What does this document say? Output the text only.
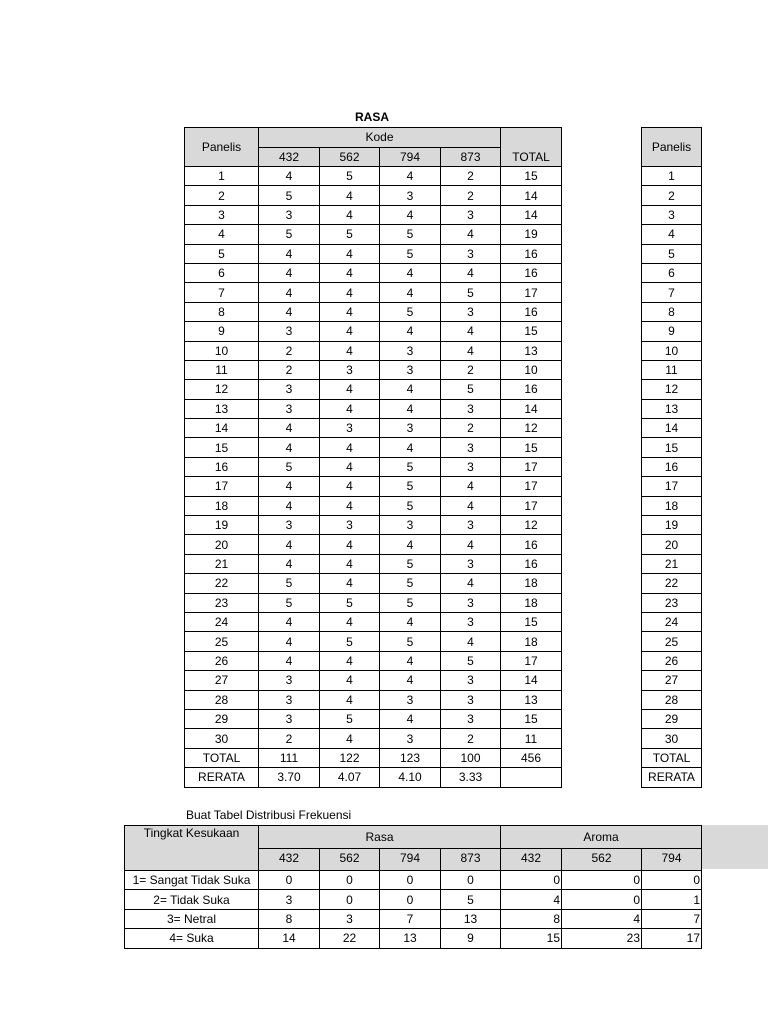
RASA
Panelis	Kode				TOTAL
	432	562	794	873	
1	4	5	4	2	15
2	5	4	3	2	14
3	3	4	4	3	14
4	5	5	5	4	19
5	4	4	5	3	16
6	4	4	4	4	16
7	4	4	4	5	17
8	4	4	5	3	16
9	3	4	4	4	15
10	2	4	3	4	13
11	2	3	3	2	10
12	3	4	4	5	16
13	3	4	4	3	14
14	4	3	3	2	12
15	4	4	4	3	15
16	5	4	5	3	17
17	4	4	5	4	17
18	4	4	5	4	17
19	3	3	3	3	12
20	4	4	4	4	16
21	4	4	5	3	16
22	5	4	5	4	18
23	5	5	5	3	18
24	4	4	4	3	15
25	4	5	5	4	18
26	4	4	4	5	17
27	3	4	4	3	14
28	3	4	3	3	13
29	3	5	4	3	15
30	2	4	3	2	11
TOTAL	111	122	123	100	456
RERATA	3.70	4.07	4.10	3.33	
Panelis
1
2
3
4
5
6
7
8
9
10
11
12
13
14
15
16
17
18
19
20
21
22
23
24
25
26
27
28
29
30
TOTAL
RERATA
Buat Tabel Distribusi Frekuensi
Tingkat Kesukaan	Rasa				Aroma		
	432	562	794	873	432	562	794
1= Sangat Tidak Suka	0	0	0	0	0	0	0
2= Tidak Suka	3	0	0	5	4	0	1
3= Netral	8	3	7	13	8	4	7
4= Suka	14	22	13	9	15	23	17
